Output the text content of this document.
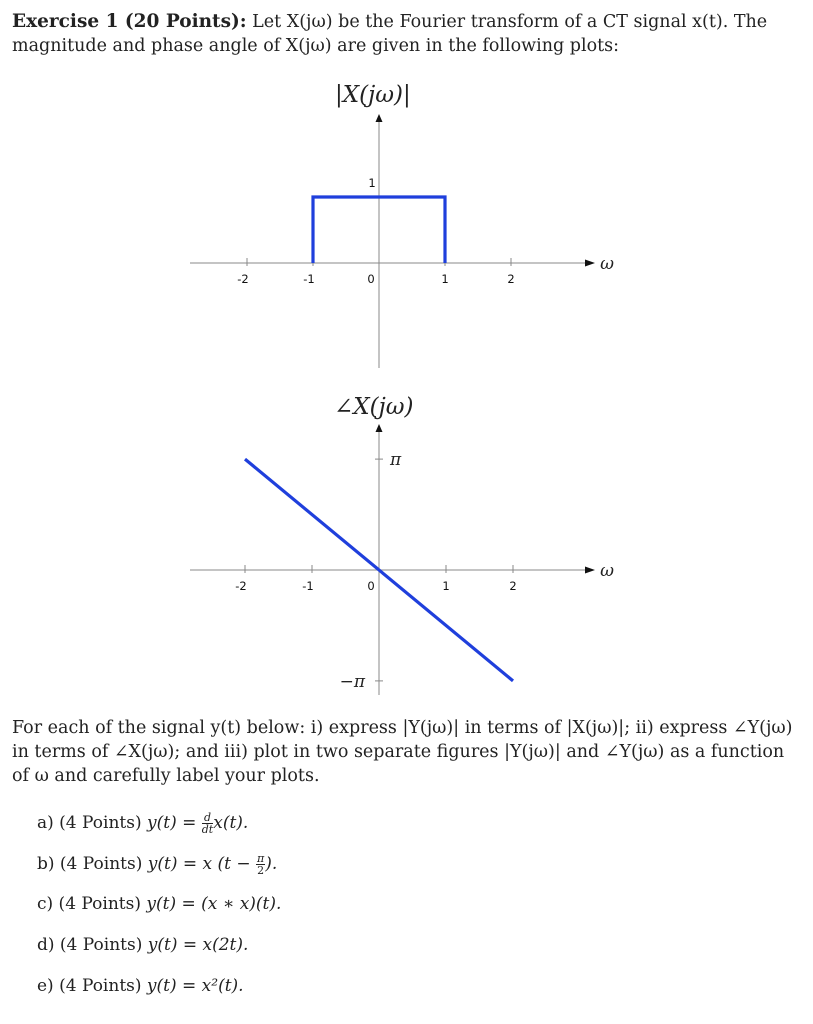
Exercise 1 (20 Points): Let X(jω) be the Fourier transform of a CT signal x(t). The magnitude and phase angle of X(jω) are given in the following plots:
|X(jω)|
ω
-2	-1	0	1	2
1
ω
-2	-1	0	1	2
π
−π
∠X(jω)
For each of the signal y(t) below: i) express |Y(jω)| in terms of |X(jω)|; ii) express ∠Y(jω) in terms of ∠X(jω); and iii) plot in two separate figures |Y(jω)| and ∠Y(jω) as a function of ω and carefully label your plots.
a) (4 Points) $y(t) = \frac{d}{dt} x(t)$.
b) (4 Points) y(t) = x ($t - \frac{\pi}{2}$ ).
c) (4 Points) y(t) = (x ∗ x)(t).
d) (4 Points) y(t) = x(2t).
e) (4 Points) y(t) = x²(t).
